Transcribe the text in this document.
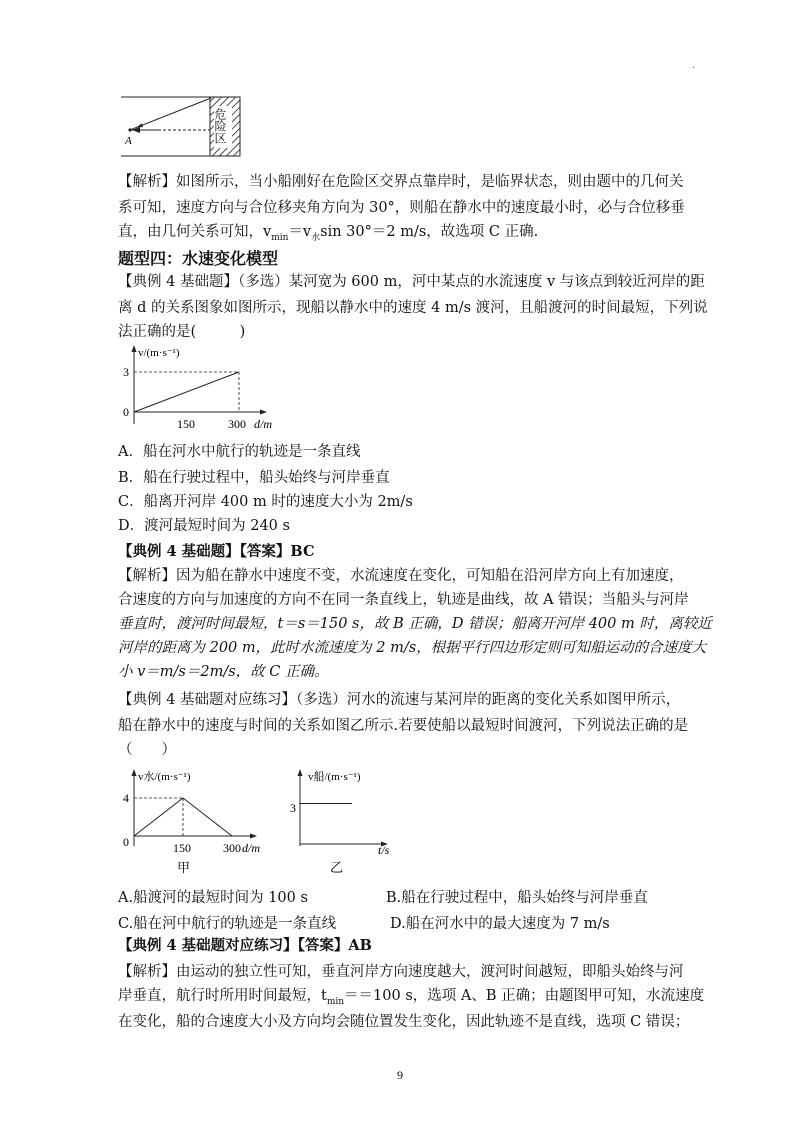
.
A	危险区
【解析】如图所示，当小船刚好在危险区交界点靠岸时，是临界状态，则由题中的几何关
系可知，速度方向与合位移夹角方向为 30°，则船在静水中的速度最小时，必与合位移垂
直，由几何关系可知，$v_{min}=v_水\sin$ 30°＝2 m/s，故选项 C 正确.
题型四：水速变化模型
【典例 4 基础题】（多选）某河宽为 600 m，河中某点的水流速度 v 与该点到较近河岸的距
离 d 的关系图象如图所示，现船以静水中的速度 4 m/s 渡河，且船渡河的时间最短，下列说
法正确的是(　　　)
v/(m·s⁻¹)
3
0
150	300 d/m
A．船在河水中航行的轨迹是一条直线
B．船在行驶过程中，船头始终与河岸垂直
C．船离开河岸 400 m 时的速度大小为 2m/s
D．渡河最短时间为 240 s
【典例 4 基础题】【答案】BC
【解析】因为船在静水中速度不变，水流速度在变化，可知船在沿河岸方向上有加速度，
合速度的方向与加速度的方向不在同一条直线上，轨迹是曲线，故 A 错误；当船头与河岸
垂直时，渡河时间最短，t＝s＝150 s，故 B 正确，D 错误；船离开河岸 400 m 时，离较近
河岸的距离为 200 m，此时水流速度为 2 m/s，根据平行四边形定则可知船运动的合速度大
小 v＝m/s＝2m/s，故 C 正确。
【典例 4 基础题对应练习】（多选）河水的流速与某河岸的距离的变化关系如图甲所示，
船在静水中的速度与时间的关系如图乙所示.若要使船以最短时间渡河，下列说法正确的是
（　　）
v水/(m·s⁻¹)
4
0	150	300 d/m
甲
v船/(m·s⁻¹)
3
t/s
乙
A.船渡河的最短时间为 100 s	B.船在行驶过程中，船头始终与河岸垂直
C.船在河中航行的轨迹是一条直线	D.船在河水中的最大速度为 7 m/s
【典例 4 基础题对应练习】【答案】AB
【解析】由运动的独立性可知，垂直河岸方向速度越大，渡河时间越短，即船头始终与河
岸垂直，航行时所用时间最短，$t_{min}==100$ s，选项 A、B 正确；由题图甲可知，水流速度
在变化，船的合速度大小及方向均会随位置发生变化，因此轨迹不是直线，选项 C 错误；
9
